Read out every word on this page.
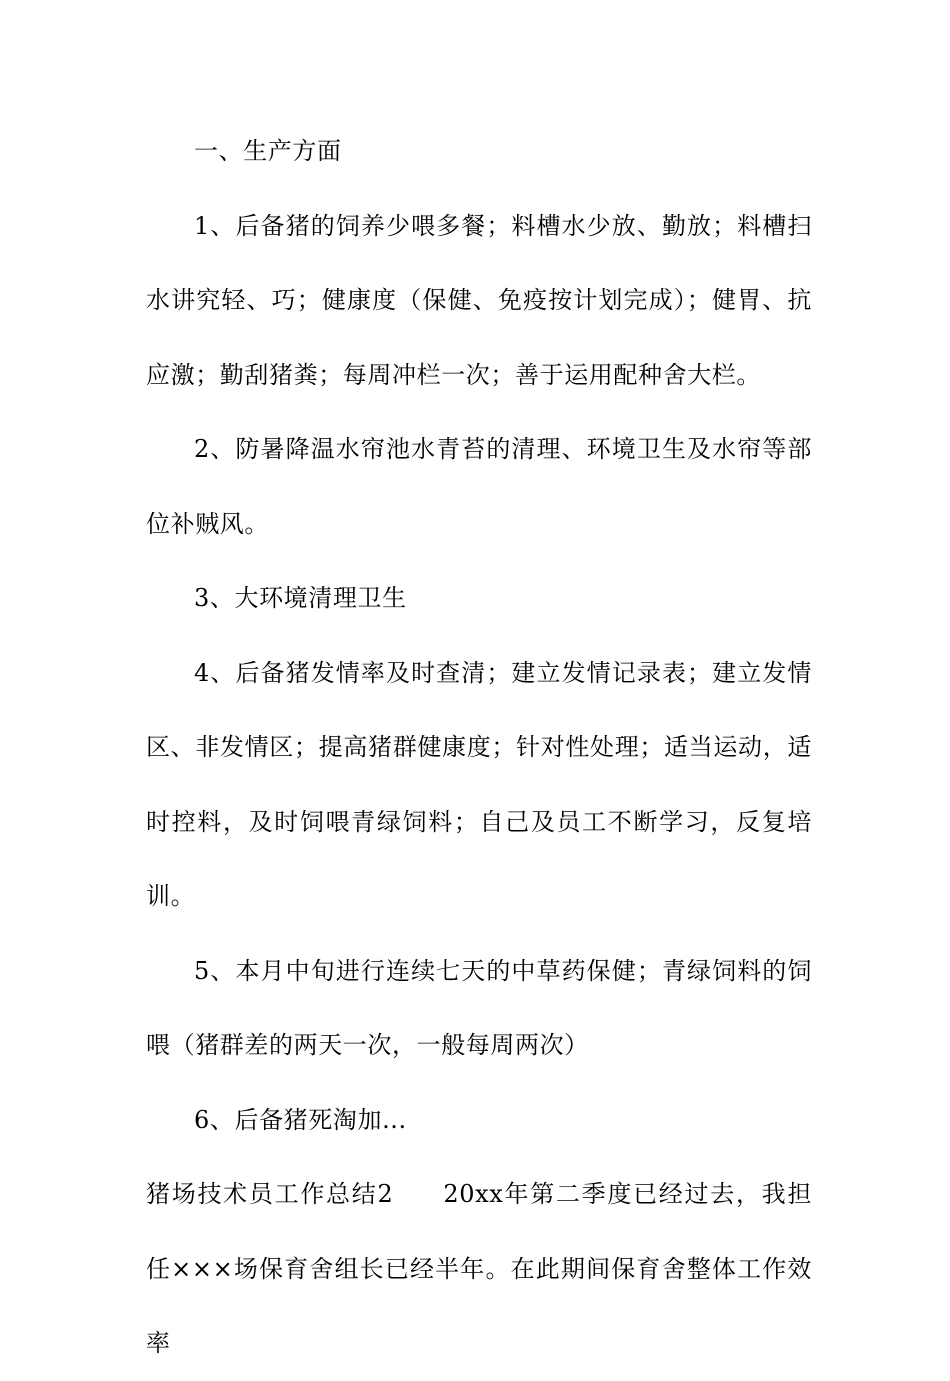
一、生产方面

1、后备猪的饲养少喂多餐；料槽水少放、勤放；料槽扫水讲究轻、巧；健康度（保健、免疫按计划完成）；健胃、抗应激；勤刮猪粪；每周冲栏一次；善于运用配种舍大栏。

2、防暑降温水帘池水青苔的清理、环境卫生及水帘等部位补贼风。

3、大环境清理卫生

4、后备猪发情率及时查清；建立发情记录表；建立发情区、非发情区；提高猪群健康度；针对性处理；适当运动，适时控料，及时饲喂青绿饲料；自己及员工不断学习，反复培训。

5、本月中旬进行连续七天的中草药保健；青绿饲料的饲喂（猪群差的两天一次，一般每周两次）

6、后备猪死淘加...

猪场技术员工作总结2 20xx年第二季度已经过去，我担任×××场保育舍组长已经半年。在此期间保育舍整体工作效率
